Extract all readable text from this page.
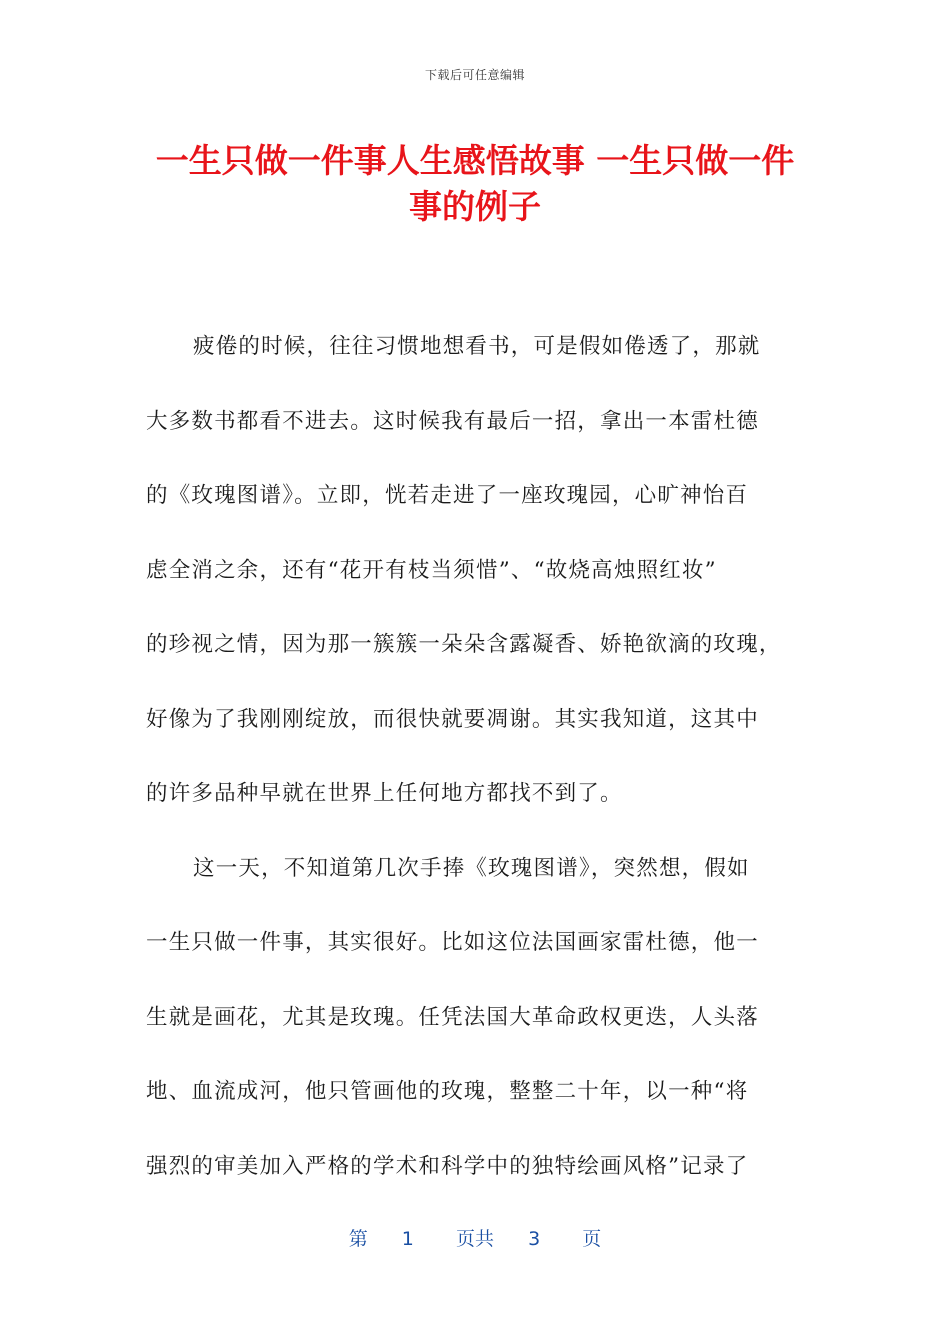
下载后可任意编辑
一生只做一件事人生感悟故事 一生只做一件
事的例子
疲倦的时候，往往习惯地想看书，可是假如倦透了，那就
大多数书都看不进去。这时候我有最后一招，拿出一本雷杜德
的《玫瑰图谱》。立即，恍若走进了一座玫瑰园，心旷神怡百
虑全消之余，还有“花开有枝当须惜”、“故烧高烛照红妆”
的珍视之情，因为那一簇簇一朵朵含露凝香、娇艳欲滴的玫瑰，
好像为了我刚刚绽放，而很快就要凋谢。其实我知道，这其中
的许多品种早就在世界上任何地方都找不到了。
这一天，不知道第几次手捧《玫瑰图谱》，突然想，假如
一生只做一件事，其实很好。比如这位法国画家雷杜德，他一
生就是画花，尤其是玫瑰。任凭法国大革命政权更迭，人头落
地、血流成河，他只管画他的玫瑰，整整二十年，以一种“将
强烈的审美加入严格的学术和科学中的独特绘画风格”记录了
第 1 页共 3 页
